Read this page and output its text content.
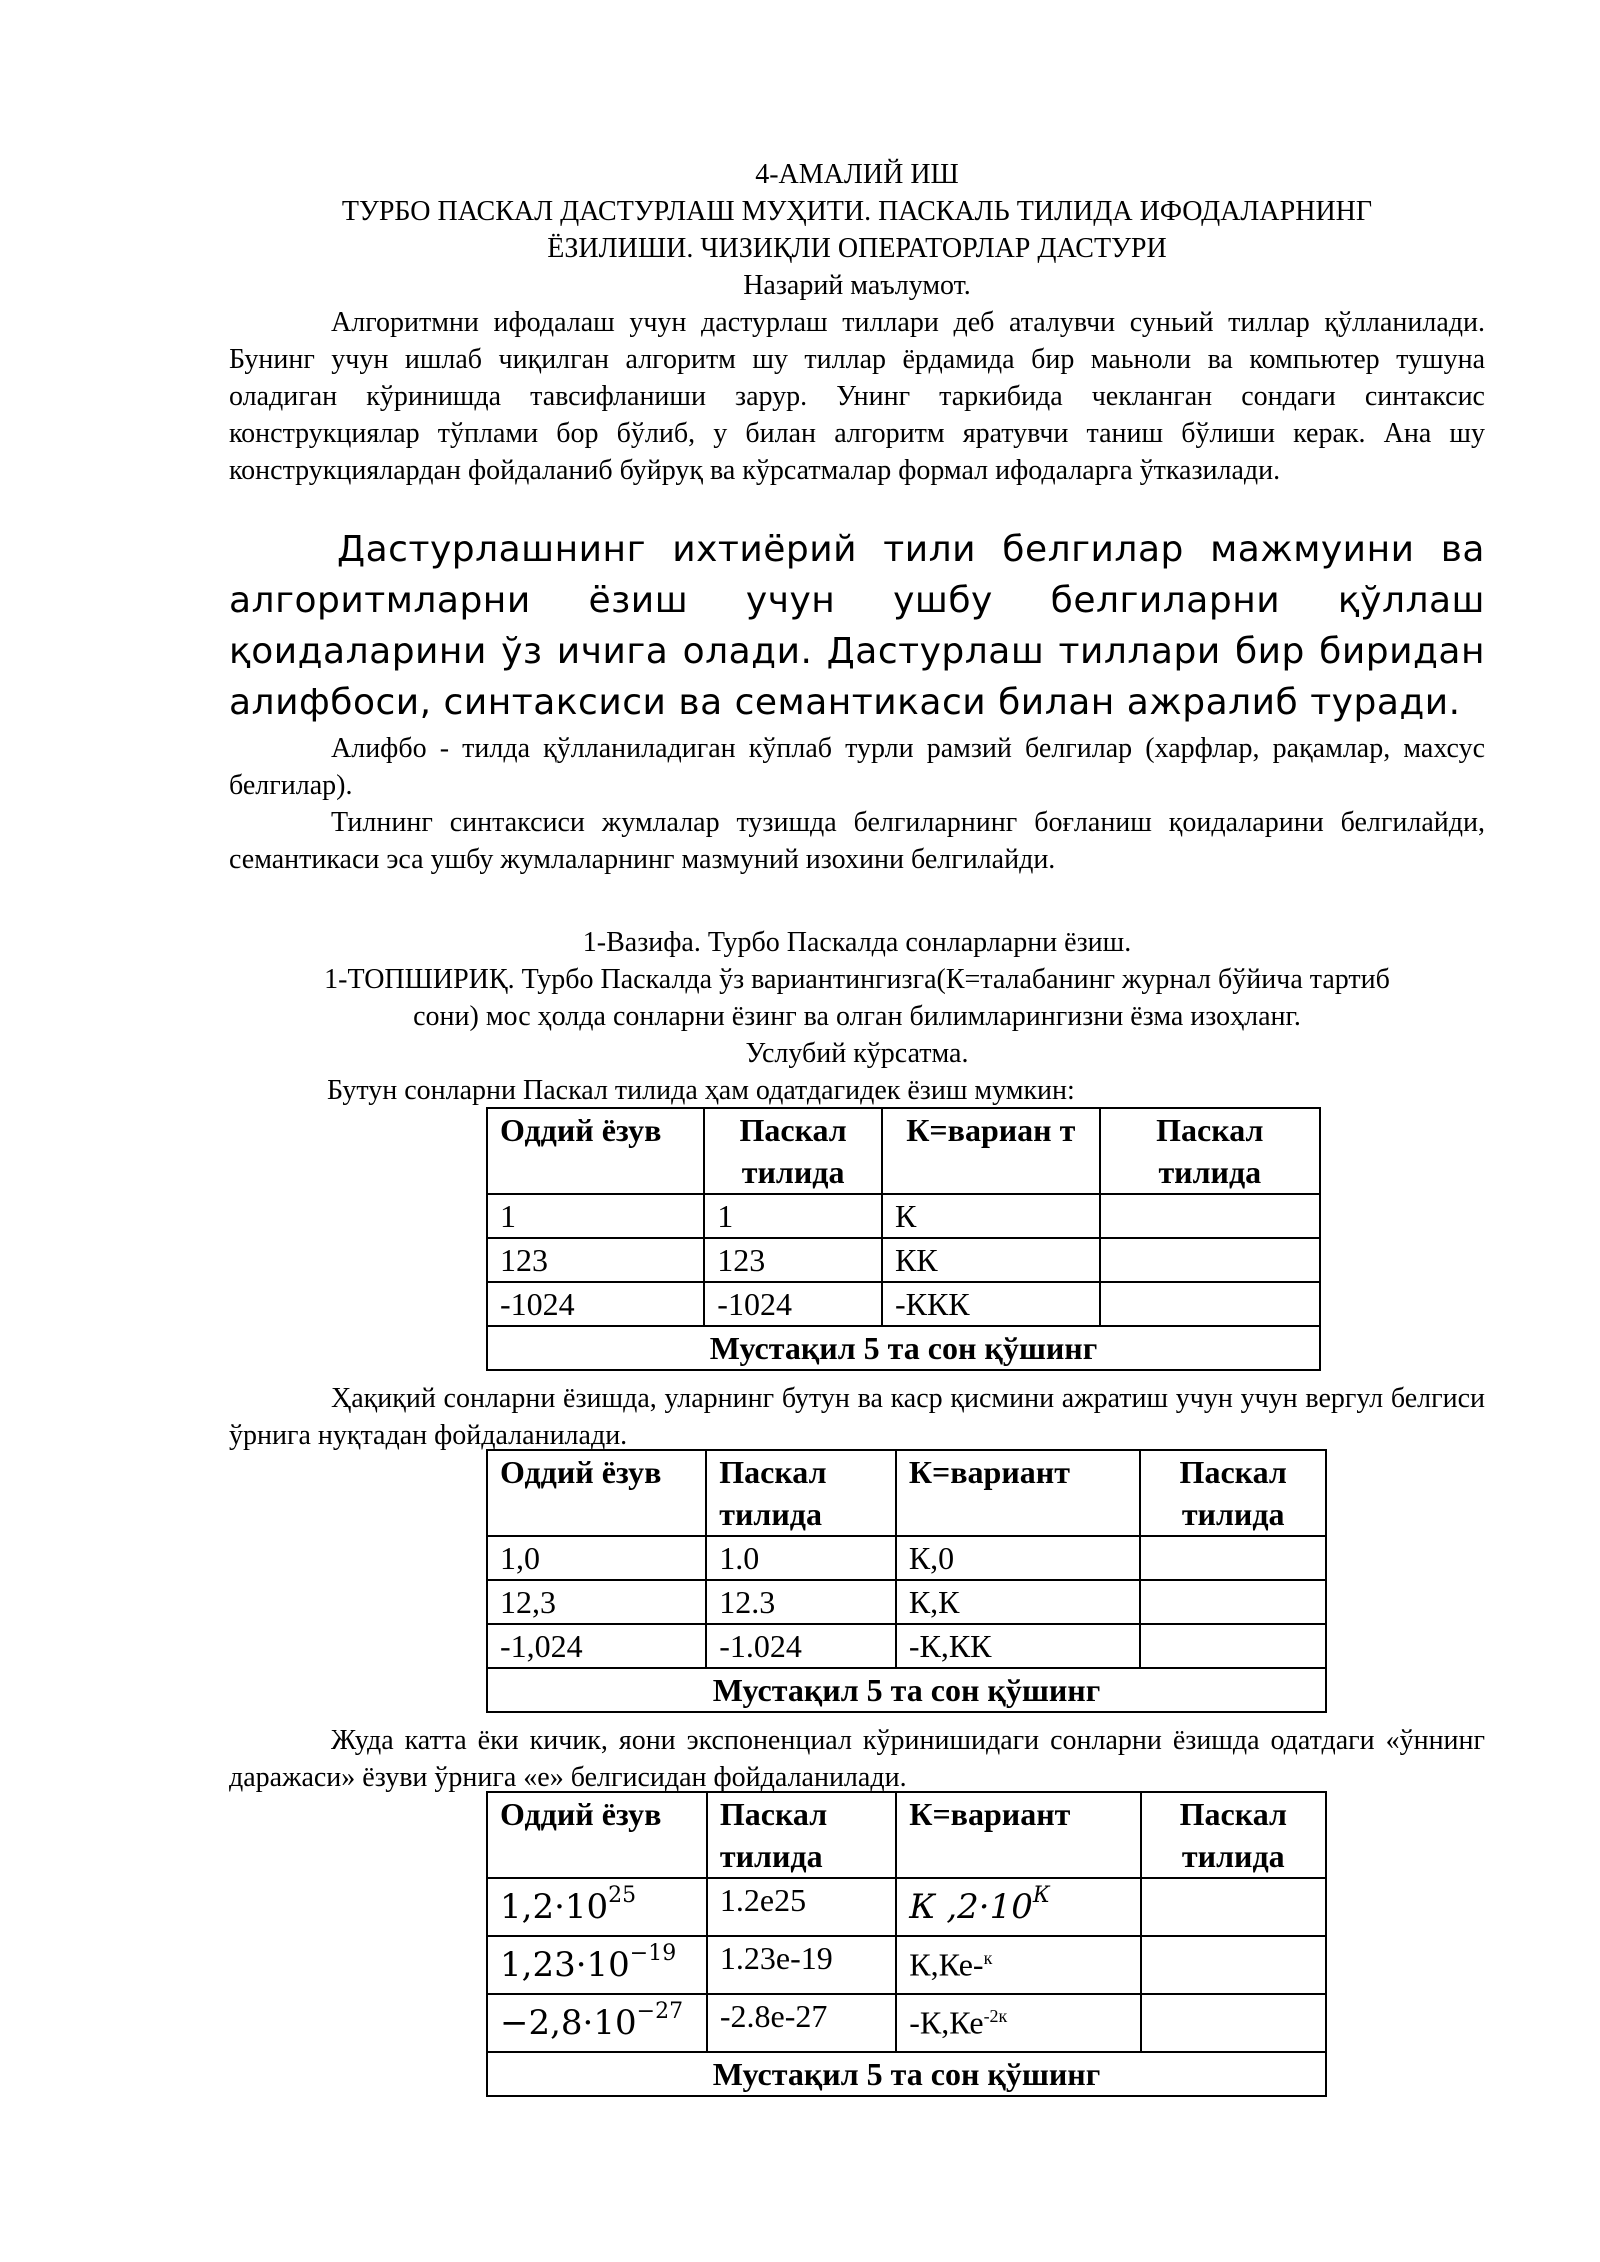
4-АМАЛИЙ ИШ

ТУРБО ПАСКАЛ ДАСТУРЛАШ МУҲИТИ. ПАСКАЛЬ ТИЛИДА ИФОДАЛАРНИНГ

ЁЗИЛИШИ. ЧИЗИҚЛИ ОПЕРАТОРЛАР ДАСТУРИ

Назарий маълумот.

Алгоритмни ифодалаш учун дастурлаш тиллари деб аталувчи суньий тиллар қўлланилади. Бунинг учун ишлаб чиқилган алгоритм шу тиллар ёрдамида бир маьноли ва компьютер тушуна оладиган кўринишда тавсифланиши зарур. Унинг таркибида чекланган сондаги синтаксис конструкциялар тўплами бор бўлиб, у билан алгоритм яратувчи таниш бўлиши керак. Ана шу конструкциялардан фойдаланиб буйруқ ва кўрсатмалар формал ифодаларга ўтказилади.
Дастурлашнинг ихтиёрий тили белгилар мажмуини ва алгоритмларни ёзиш учун ушбу белгиларни қўллаш қоидаларини ўз ичига олади. Дастурлаш тиллари бир биридан алифбоси, синтаксиси ва семантикаси билан ажралиб туради.
Алифбо - тилда қўлланиладиган кўплаб турли рамзий белгилар (харфлар, рақамлар, махсус белгилар).
Тилнинг синтаксиси жумлалар тузишда белгиларнинг боғланиш қоидаларини белгилайди, семантикаси эса ушбу жумлаларнинг мазмуний изохини белгилайди.

1-Вазифа. Турбо Паскалда сонларларни ёзиш.

1-ТОПШИРИҚ. Турбо Паскалда ўз вариантингизга(К=талабанинг журнал бўйича тартиб

сони) мос ҳолда сонларни ёзинг ва олган билимларингизни ёзма изоҳланг.

Услубий кўрсатма.

Бутун сонларни Паскал тилида ҳам одатдагидек ёзиш мумкин:
Оддий ёзув	Паскал тилида	К=вариан т	Паскал тилида
1	1	К	
123	123	КК	
-1024	-1024	-ККК	
Мустақил 5 та сон қўшинг			
Ҳақиқий сонларни ёзишда, уларнинг бутун ва каср қисмини ажратиш учун учун вергул белгиси ўрнига нуқтадан фойдаланилади.
Оддий ёзув	Паскал тилида	К=вариант	Паскал тилида
1,0	1.0	К,0	
12,3	12.3	К,К	
-1,024	-1.024	-К,КК	
Мустақил 5 та сон қўшинг			
Жуда катта ёки кичик, яони экспоненциал кўринишидаги сонларни ёзишда одатдаги «ўннинг даражаси» ёзуви ўрнига «е» белгисидан фойдаланилади.
Оддий ёзув	Паскал тилида	К=вариант	Паскал тилида
$1,2\cdot 10^{25}$	1.2e25	К $,2\cdot 10^К$	
$1,23\cdot 10^{-19}$	1.23e-19	К,Ке-$^к$	
$-2,8\cdot 10^{-27}$	-2.8e-27	$-К,Ке^{-2к}$	
Мустақил 5 та сон қўшинг			
